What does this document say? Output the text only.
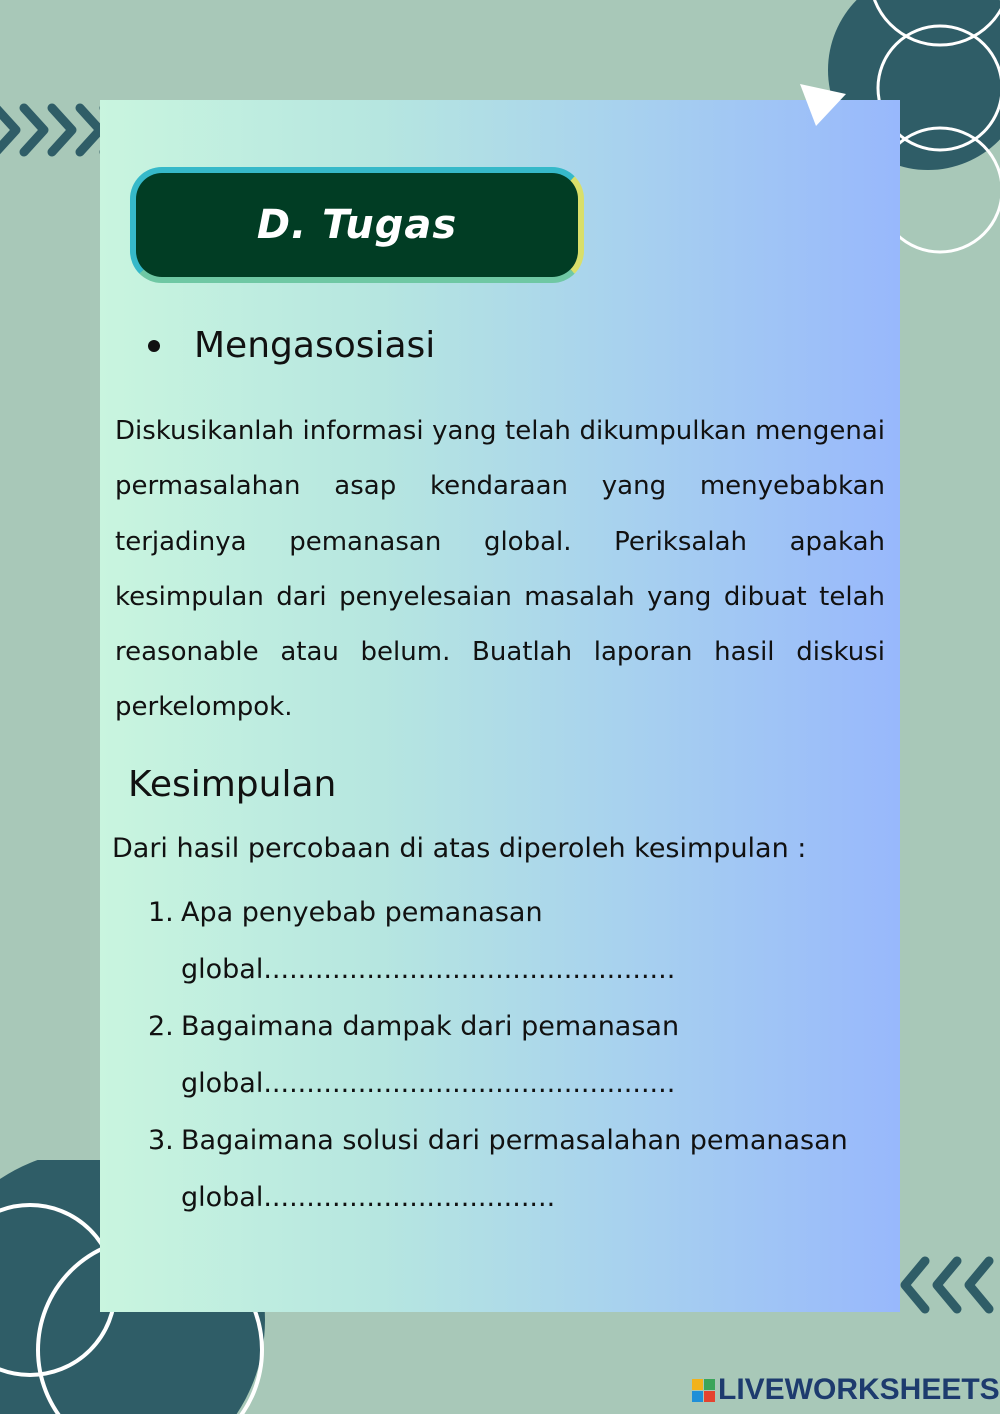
D. Tugas
Mengasosiasi
Diskusikanlah informasi yang telah dikumpulkan mengenai permasalahan asap kendaraan yang menyebabkan terjadinya pemanasan global. Periksalah apakah kesimpulan dari penyelesaian masalah yang dibuat telah reasonable atau belum. Buatlah laporan hasil diskusi perkelompok.
Kesimpulan
Dari hasil percobaan di atas diperoleh kesimpulan :
1. Apa penyebab pemanasan global................................................
2. Bagaimana dampak dari pemanasan global................................................
3. Bagaimana solusi dari permasalahan pemanasan global..................................
LIVEWORKSHEETS
